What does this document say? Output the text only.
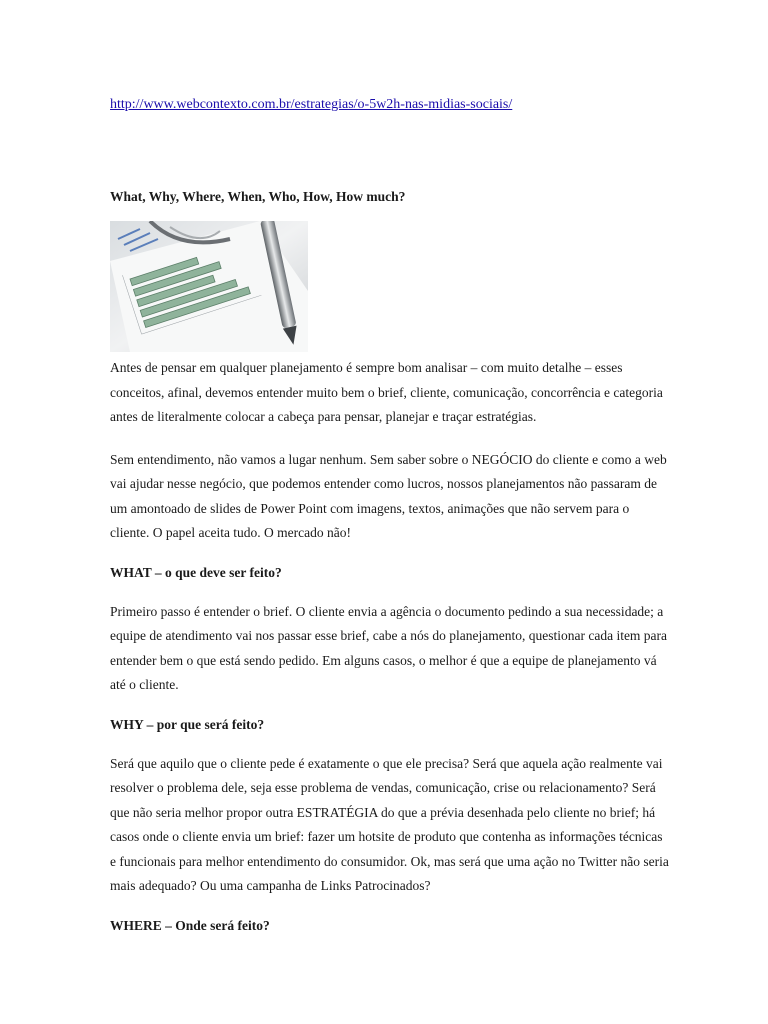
http://www.webcontexto.com.br/estrategias/o-5w2h-nas-midias-sociais/

What, Why, Where, When, Who, How, How much?

Antes de pensar em qualquer planejamento é sempre bom analisar – com muito detalhe – esses conceitos, afinal, devemos entender muito bem o brief, cliente, comunicação, concorrência e categoria antes de literalmente colocar a cabeça para pensar, planejar e traçar estratégias.

Sem entendimento, não vamos a lugar nenhum. Sem saber sobre o NEGÓCIO do cliente e como a web vai ajudar nesse negócio, que podemos entender como lucros, nossos planejamentos não passaram de um amontoado de slides de Power Point com imagens, textos, animações que não servem para o cliente. O papel aceita tudo. O mercado não!

WHAT – o que deve ser feito?

Primeiro passo é entender o brief. O cliente envia a agência o documento pedindo a sua necessidade; a equipe de atendimento vai nos passar esse brief, cabe a nós do planejamento, questionar cada item para entender bem o que está sendo pedido. Em alguns casos, o melhor é que a equipe de planejamento vá até o cliente.

WHY – por que será feito?

Será que aquilo que o cliente pede é exatamente o que ele precisa? Será que aquela ação realmente vai resolver o problema dele, seja esse problema de vendas, comunicação, crise ou relacionamento? Será que não seria melhor propor outra ESTRATÉGIA do que a prévia desenhada pelo cliente no brief; há casos onde o cliente envia um brief: fazer um hotsite de produto que contenha as informações técnicas e funcionais para melhor entendimento do consumidor. Ok, mas será que uma ação no Twitter não seria mais adequado? Ou uma campanha de Links Patrocinados?

WHERE – Onde será feito?
